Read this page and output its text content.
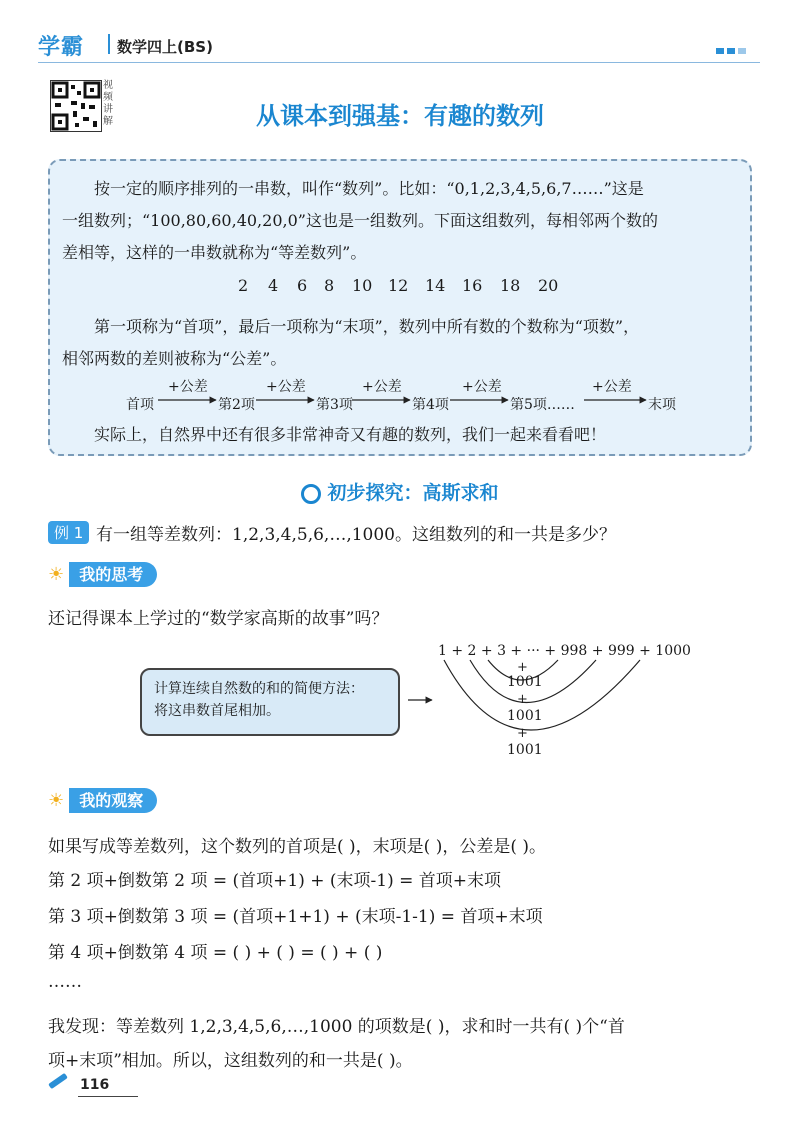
学霸 数学四上(BS)
视频讲解	从课本到强基：有趣的数列
按一定的顺序排列的一串数，叫作“数列”。比如：“0,1,2,3,4,5,6,7……”这是
一组数列；“100,80,60,40,20,0”这也是一组数列。下面这组数列，每相邻两个数的
差相等，这样的一串数就称为“等差数列”。
2 4 6 8 10 12 14 16 18 20
第一项称为“首项”，最后一项称为“末项”，数列中所有数的个数称为“项数”，
相邻两数的差则被称为“公差”。
首项	第2项	第3项	第4项	第5项……	末项
+公差	+公差	+公差	+公差	+公差
实际上，自然界中还有很多非常神奇又有趣的数列，我们一起来看看吧！
初步探究：高斯求和
例 1 有一组等差数列：1,2,3,4,5,6,…,1000。这组数列的和一共是多少？
☀ 我的思考
还记得课本上学过的“数学家高斯的故事”吗？
计算连续自然数的和的简便方法：
将这串数首尾相加。
1 + 2 + 3 + ··· + 998 + 999 + 1000
+
1001
+
1001
+
1001
☀ 我的观察
如果写成等差数列，这个数列的首项是( )，末项是( )，公差是( )。
第 2 项+倒数第 2 项 = (首项+1) + (末项-1) = 首项+末项
第 3 项+倒数第 3 项 = (首项+1+1) + (末项-1-1) = 首项+末项
第 4 项+倒数第 4 项 = ( ) + ( ) = ( ) + ( )
……
我发现：等差数列 1,2,3,4,5,6,…,1000 的项数是( )，求和时一共有( )个“首
项+末项”相加。所以，这组数列的和一共是( )。
116
